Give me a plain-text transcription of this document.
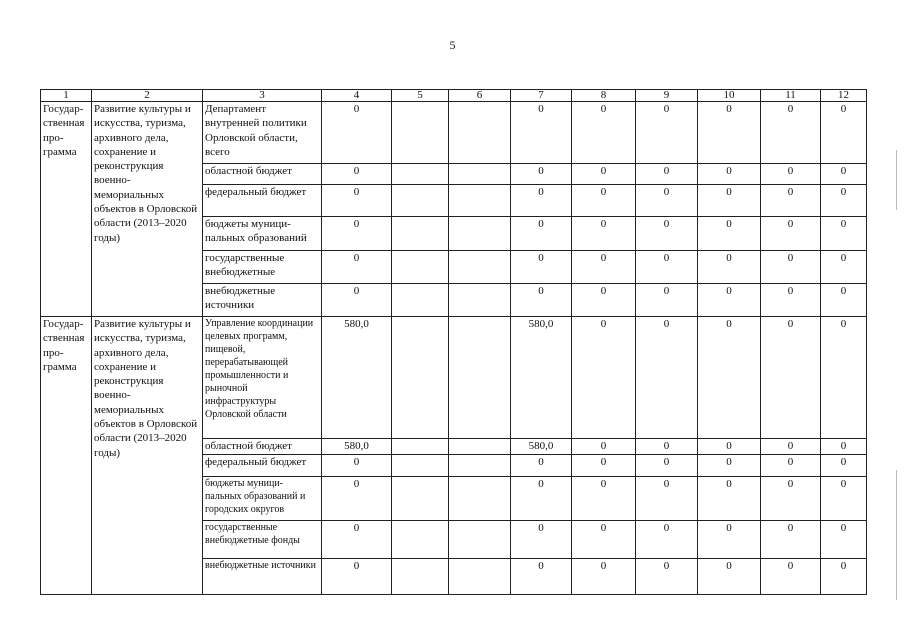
5
1	2	3	4	5	6	7	8	9	10	11	12
Государ-ственная про-грамма	Развитие культуры и искусства, туризма, архивного дела, сохранение и реконструкция военно-мемориальных объектов в Орловской области (2013–2020 годы)	Департамент внутренней политики Орловской области, всего	0			0	0	0	0	0	0
		областной бюджет	0			0	0	0	0	0	0
		федеральный бюджет	0			0	0	0	0	0	0
		бюджеты муници-пальных образований	0			0	0	0	0	0	0
		государственные внебюджетные	0			0	0	0	0	0	0
		внебюджетные источники	0			0	0	0	0	0	0
Государ-ственная про-грамма	Развитие культуры и искусства, туризма, архивного дела, сохранение и реконструкция военно-мемориальных объектов в Орловской области (2013–2020 годы)	Управление координации целевых программ, пищевой, перерабатывающей промышленности и рыночной инфраструктуры Орловской области	580,0			580,0	0	0	0	0	0
		областной бюджет	580,0			580,0	0	0	0	0	0
		федеральный бюджет	0			0	0	0	0	0	0
		бюджеты муници-пальных образований и городских округов	0			0	0	0	0	0	0
		государственные внебюджетные фонды	0			0	0	0	0	0	0
		внебюджетные источники	0			0	0	0	0	0	0
